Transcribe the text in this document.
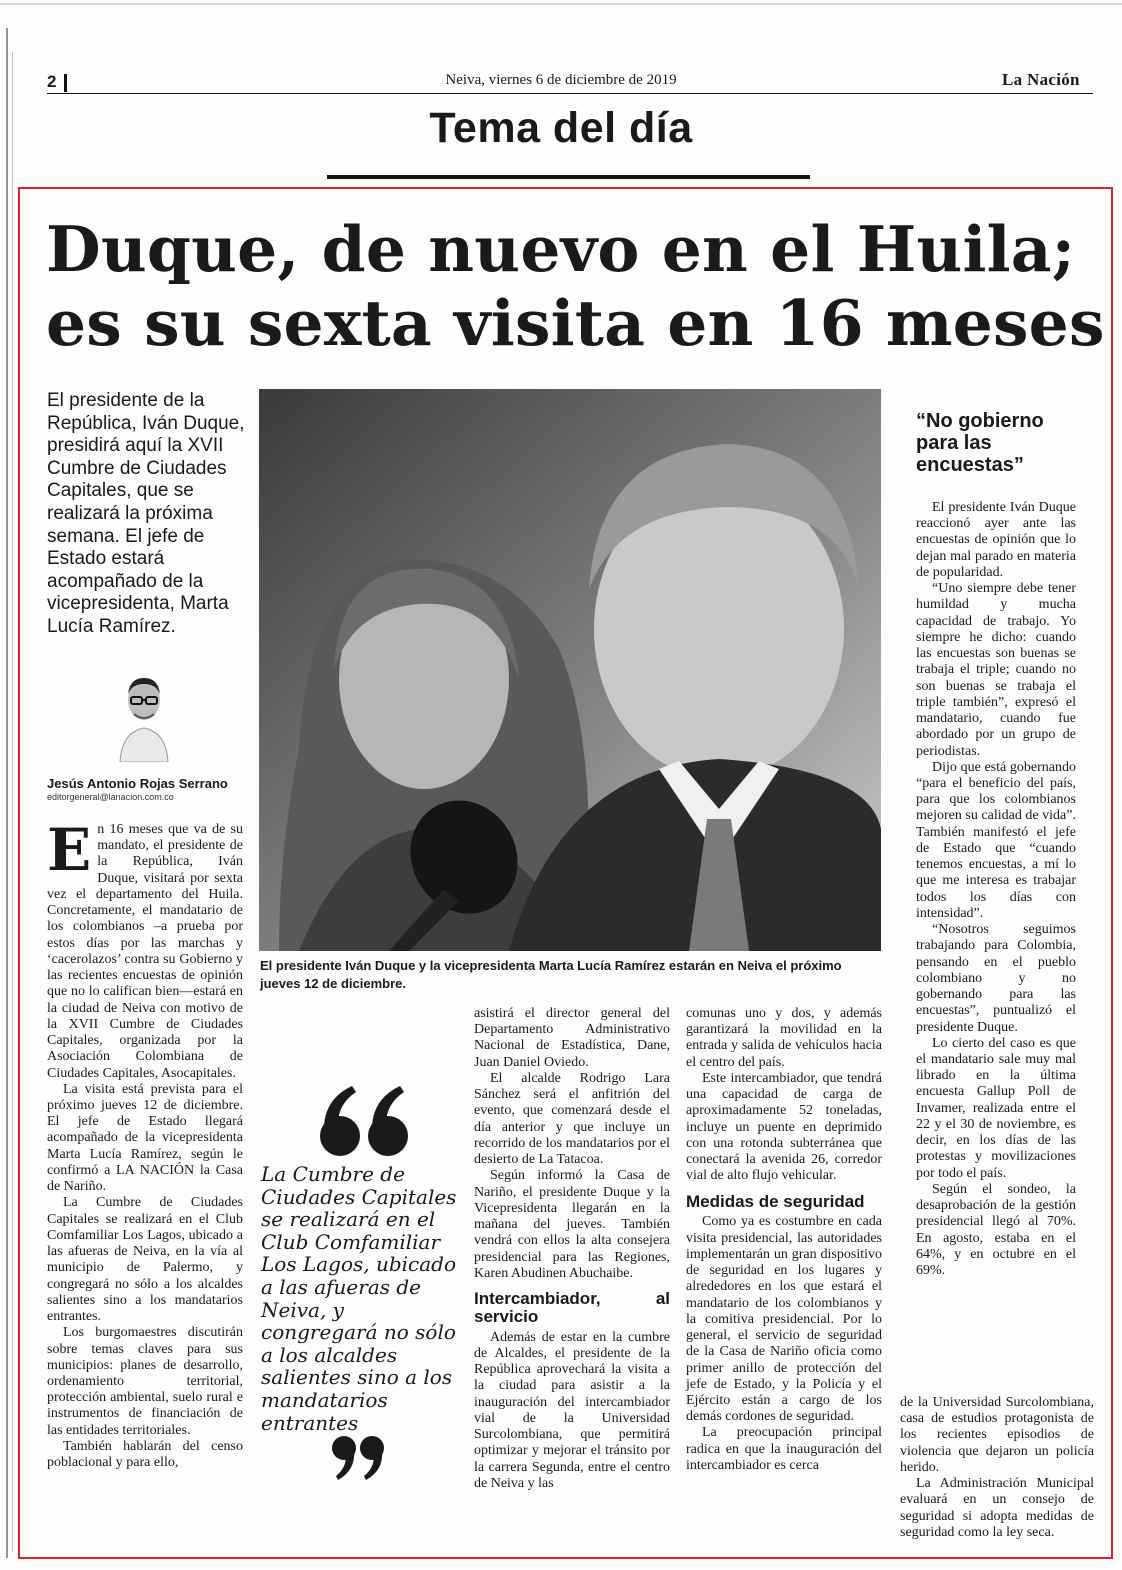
2	Neiva, viernes 6 de diciembre de 2019	La Nación
Tema del día
Duque, de nuevo en el Huila; es su sexta visita en 16 meses
El presidente de la República, Iván Duque, presidirá aquí la XVII Cumbre de Ciudades Capitales, que se realizará la próxima semana. El jefe de Estado estará acompañado de la vicepresidenta, Marta Lucía Ramírez.
Jesús Antonio Rojas Serrano
editorgeneral@lanacion.com.co
El presidente Iván Duque y la vicepresidenta Marta Lucía Ramírez estarán en Neiva el próximo jueves 12 de diciembre.

En 16 meses que va de su mandato, el presidente de la República, Iván Duque, visitará por sexta vez el departamento del Huila. Concretamente, el mandatario de los colombianos –a prueba por estos días por las marchas y ‘cacerolazos’ contra su Gobierno y las recientes encuestas de opinión que no lo califican bien—estará en la ciudad de Neiva con motivo de la XVII Cumbre de Ciudades Capitales, organizada por la Asociación Colombiana de Ciudades Capitales, Asocapitales.

La visita está prevista para el próximo jueves 12 de diciembre. El jefe de Estado llegará acompañado de la vicepresidenta Marta Lucía Ramírez, según le confirmó a LA NACIÓN la Casa de Nariño.

La Cumbre de Ciudades Capitales se realizará en el Club Comfamiliar Los Lagos, ubicado a las afueras de Neiva, en la vía al municipio de Palermo, y congregará no sólo a los alcaldes salientes sino a los mandatarios entrantes.

Los burgomaestres discutirán sobre temas claves para sus municipios: planes de desarrollo, ordenamiento territorial, protección ambiental, suelo rural e instrumentos de financiación de las entidades territoriales.

También hablarán del censo poblacional y para ello,

La Cumbre de Ciudades Capitales se realizará en el Club Comfamiliar Los Lagos, ubicado a las afueras de Neiva, y congregará no sólo a los alcaldes salientes sino a los mandatarios entrantes

asistirá el director general del Departamento Administrativo Nacional de Estadística, Dane, Juan Daniel Oviedo.

El alcalde Rodrigo Lara Sánchez será el anfitrión del evento, que comenzará desde el día anterior y que incluye un recorrido de los mandatarios por el desierto de La Tatacoa.

Según informó la Casa de Nariño, el presidente Duque y la Vicepresidenta llegarán en la mañana del jueves. También vendrá con ellos la alta consejera presidencial para las Regiones, Karen Abudinen Abuchaibe.

Intercambiador, al servicio

Además de estar en la cumbre de Alcaldes, el presidente de la República aprovechará la visita a la ciudad para asistir a la inauguración del intercambiador vial de la Universidad Surcolombiana, que permitirá optimizar y mejorar el tránsito por la carrera Segunda, entre el centro de Neiva y las

comunas uno y dos, y además garantizará la movilidad en la entrada y salida de vehículos hacia el centro del país.

Este intercambiador, que tendrá una capacidad de carga de aproximadamente 52 toneladas, incluye un puente en deprimido con una rotonda subterránea que conectará la avenida 26, corredor vial de alto flujo vehicular.

Medidas de seguridad

Como ya es costumbre en cada visita presidencial, las autoridades implementarán un gran dispositivo de seguridad en los lugares y alrededores en los que estará el mandatario de los colombianos y la comitiva presidencial. Por lo general, el servicio de seguridad de la Casa de Nariño oficia como primer anillo de protección del jefe de Estado, y la Policía y el Ejército están a cargo de los demás cordones de seguridad.

La preocupación principal radica en que la inauguración del intercambiador es cerca

“No gobierno para las encuestas”

El presidente Iván Duque reaccionó ayer ante las encuestas de opinión que lo dejan mal parado en materia de popularidad.

“Uno siempre debe tener humildad y mucha capacidad de trabajo. Yo siempre he dicho: cuando las encuestas son buenas se trabaja el triple; cuando no son buenas se trabaja el triple también”, expresó el mandatario, cuando fue abordado por un grupo de periodistas.

Dijo que está gobernando “para el beneficio del país, para que los colombianos mejoren su calidad de vida”. También manifestó el jefe de Estado que “cuando tenemos encuestas, a mí lo que me interesa es trabajar todos los días con intensidad”.

“Nosotros seguimos trabajando para Colombia, pensando en el pueblo colombiano y no gobernando para las encuestas”, puntualizó el presidente Duque.

Lo cierto del caso es que el mandatario sale muy mal librado en la última encuesta Gallup Poll de Invamer, realizada entre el 22 y el 30 de noviembre, es decir, en los días de las protestas y movilizaciones por todo el país.

Según el sondeo, la desaprobación de la gestión presidencial llegó al 70%. En agosto, estaba en el 64%, y en octubre en el 69%.

de la Universidad Surcolombiana, casa de estudios protagonista de los recientes episodios de violencia que dejaron un policía herido.

La Administración Municipal evaluará en un consejo de seguridad si adopta medidas de seguridad como la ley seca.
